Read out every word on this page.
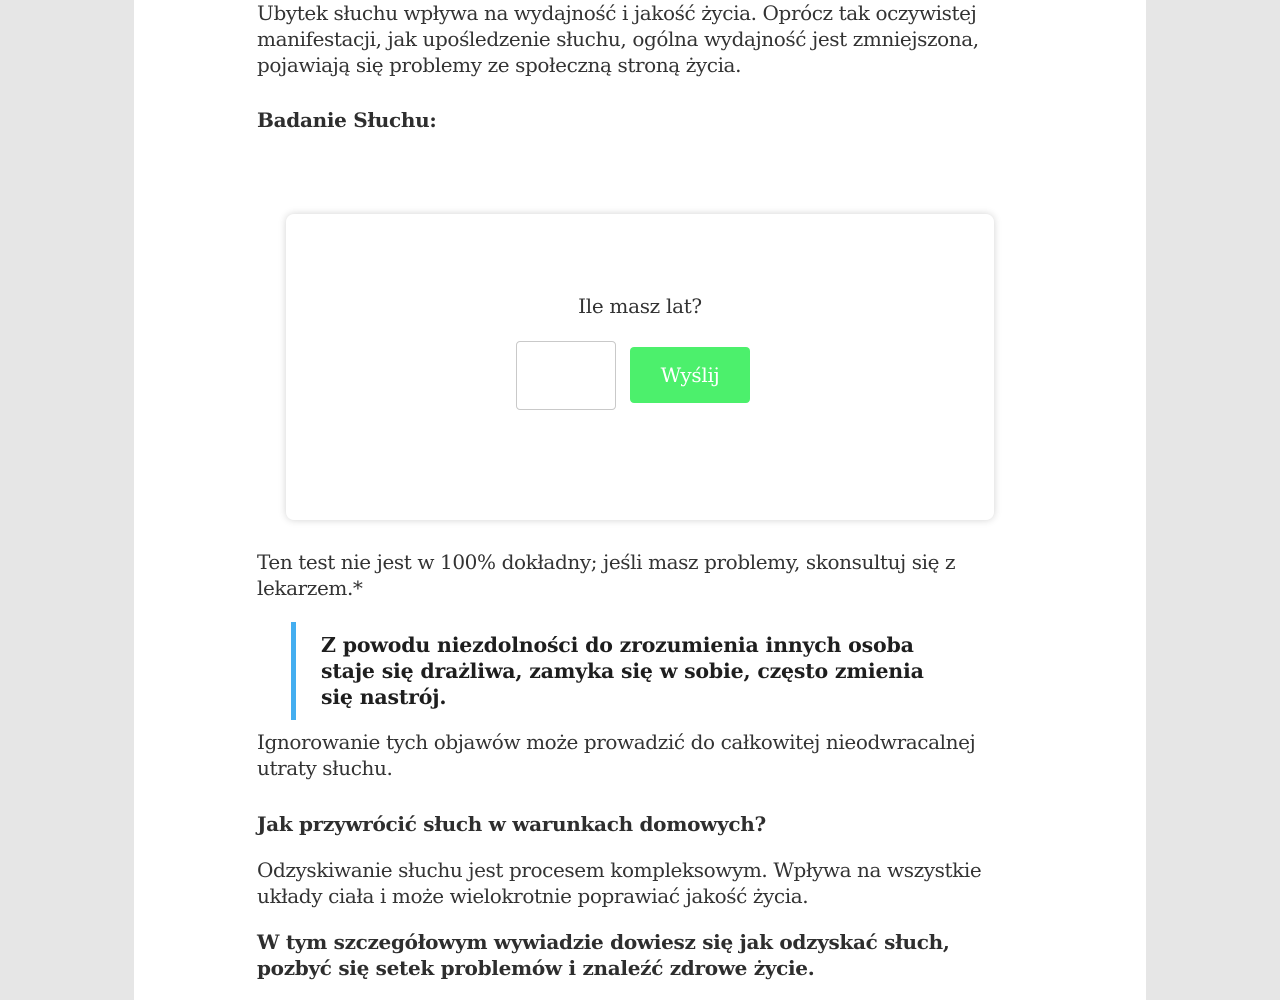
Ubytek słuchu wpływa na wydajność i jakość życia. Oprócz tak oczywistej manifestacji, jak upośledzenie słuchu, ogólna wydajność jest zmniejszona, pojawiają się problemy ze społeczną stroną życia.

Badanie Słuchu:

Ten test nie jest w 100% dokładny; jeśli masz problemy, skonsultuj się z lekarzem.*

Ignorowanie tych objawów może prowadzić do całkowitej nieodwracalnej utraty słuchu.

Jak przywrócić słuch w warunkach domowych?

Odzyskiwanie słuchu jest procesem kompleksowym. Wpływa na wszystkie układy ciała i może wielokrotnie poprawiać jakość życia.

W tym szczegółowym wywiadzie dowiesz się jak odzyskać słuch, pozbyć się setek problemów i znaleźć zdrowe życie.

Z powodu niezdolności do zrozumienia innych osoba staje się drażliwa, zamyka się w sobie, często zmienia się nastrój.

Ile masz lat?
Wyślij
